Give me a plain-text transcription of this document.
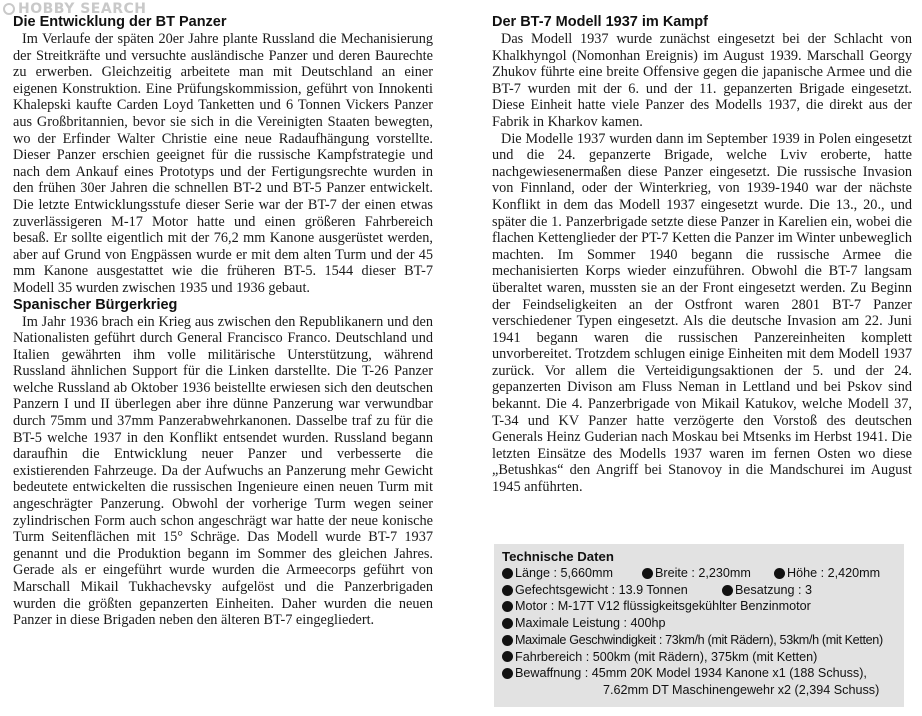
HOBBY SEARCH
Die Entwicklung der BT Panzer

Im Verlaufe der späten 20er Jahre plante Russland die Mechanisierung der Streitkräfte und versuchte ausländische Panzer und deren Baurechte zu erwerben. Gleichzeitig arbeitete man mit Deutschland an einer eigenen Konstruktion. Eine Prüfungskommission, geführt von Innokenti Khalepski kaufte Carden Loyd Tanketten und 6 Tonnen Vickers Panzer aus Großbritannien, bevor sie sich in die Vereinigten Staaten bewegten, wo der Erfinder Walter Christie eine neue Radaufhängung vorstellte. Dieser Panzer erschien geeignet für die russische Kampfstrategie und nach dem Ankauf eines Prototyps und der Fertigungsrechte wurden in den frühen 30er Jahren die schnellen BT-2 und BT-5 Panzer entwickelt. Die letzte Entwicklungsstufe dieser Serie war der BT-7 der einen etwas zuverlässigeren M-17 Motor hatte und einen größeren Fahrbereich besaß. Er sollte eigentlich mit der 76,2 mm Kanone ausgerüstet werden, aber auf Grund von Engpässen wurde er mit dem alten Turm und der 45 mm Kanone ausgestattet wie die früheren BT-5. 1544 dieser BT-7 Modell 35 wurden zwischen 1935 und 1936 gebaut.

Spanischer Bürgerkrieg

Im Jahr 1936 brach ein Krieg aus zwischen den Republikanern und den Nationalisten geführt durch General Francisco Franco. Deutschland und Italien gewährten ihm volle militärische Unterstützung, während Russland ähnlichen Support für die Linken darstellte. Die T-26 Panzer welche Russland ab Oktober 1936 beistellte erwiesen sich den deutschen Panzern I und II überlegen aber ihre dünne Panzerung war verwundbar durch 75mm und 37mm Panzerabwehrkanonen. Dasselbe traf zu für die BT-5 welche 1937 in den Konflikt entsendet wurden. Russland begann daraufhin die Entwicklung neuer Panzer und verbesserte die existierenden Fahrzeuge. Da der Aufwuchs an Panzerung mehr Gewicht bedeutete entwickelten die russischen Ingenieure einen neuen Turm mit angeschrägter Panzerung. Obwohl der vorherige Turm wegen seiner zylindrischen Form auch schon angeschrägt war hatte der neue konische Turm Seitenflächen mit 15° Schräge. Das Modell wurde BT-7 1937 genannt und die Produktion begann im Sommer des gleichen Jahres. Gerade als er eingeführt wurde wurden die Armeecorps geführt von Marschall Mikail Tukhachevsky aufgelöst und die Panzerbrigaden wurden die größten gepanzerten Einheiten. Daher wurden die neuen Panzer in diese Brigaden neben den älteren BT-7 eingegliedert.

Der BT-7 Modell 1937 im Kampf

Das Modell 1937 wurde zunächst eingesetzt bei der Schlacht von Khalkhyngol (Nomonhan Ereignis) im August 1939. Marschall Georgy Zhukov führte eine breite Offensive gegen die japanische Armee und die BT-7 wurden mit der 6. und der 11. gepanzerten Brigade eingesetzt. Diese Einheit hatte viele Panzer des Modells 1937, die direkt aus der Fabrik in Kharkov kamen.

Die Modelle 1937 wurden dann im September 1939 in Polen eingesetzt und die 24. gepanzerte Brigade, welche Lviv eroberte, hatte nachgewiesenermaßen diese Panzer eingesetzt. Die russische Invasion von Finnland, oder der Winterkrieg, von 1939-1940 war der nächste Konflikt in dem das Modell 1937 eingesetzt wurde. Die 13., 20., und später die 1. Panzerbrigade setzte diese Panzer in Karelien ein, wobei die flachen Kettenglieder der PT-7 Ketten die Panzer im Winter unbeweglich machten. Im Sommer 1940 begann die russische Armee die mechanisierten Korps wieder einzuführen. Obwohl die BT-7 langsam überaltet waren, mussten sie an der Front eingesetzt werden. Zu Beginn der Feindseligkeiten an der Ostfront waren 2801 BT-7 Panzer verschiedener Typen eingesetzt. Als die deutsche Invasion am 22. Juni 1941 begann waren die russischen Panzereinheiten komplett unvorbereitet. Trotzdem schlugen einige Einheiten mit dem Modell 1937 zurück. Vor allem die Verteidigungsaktionen der 5. und der 24. gepanzerten Divison am Fluss Neman in Lettland und bei Pskov sind bekannt. Die 4. Panzerbrigade von Mikail Katukov, welche Modell 37, T-34 und KV Panzer hatte verzögerte den Vorstoß des deutschen Generals Heinz Guderian nach Moskau bei Mtsenks im Herbst 1941. Die letzten Einsätze des Modells 1937 waren im fernen Osten wo diese „Betushkas“ den Angriff bei Stanovoy in die Mandschurei im August 1945 anführten.

Technische Daten
Länge : 5,660mm	Breite : 2,230mm	Höhe : 2,420mm
Gefechtsgewicht : 13.9 Tonnen	Besatzung : 3
Motor : M-17T V12 flüssigkeitsgekühlter Benzinmotor
Maximale Leistung : 400hp
Maximale Geschwindigkeit : 73km/h (mit Rädern), 53km/h (mit Ketten)
Fahrbereich : 500km (mit Rädern), 375km (mit Ketten)
Bewaffnung : 45mm 20K Model 1934 Kanone x1 (188 Schuss),
7.62mm DT Maschinengewehr x2 (2,394 Schuss)
